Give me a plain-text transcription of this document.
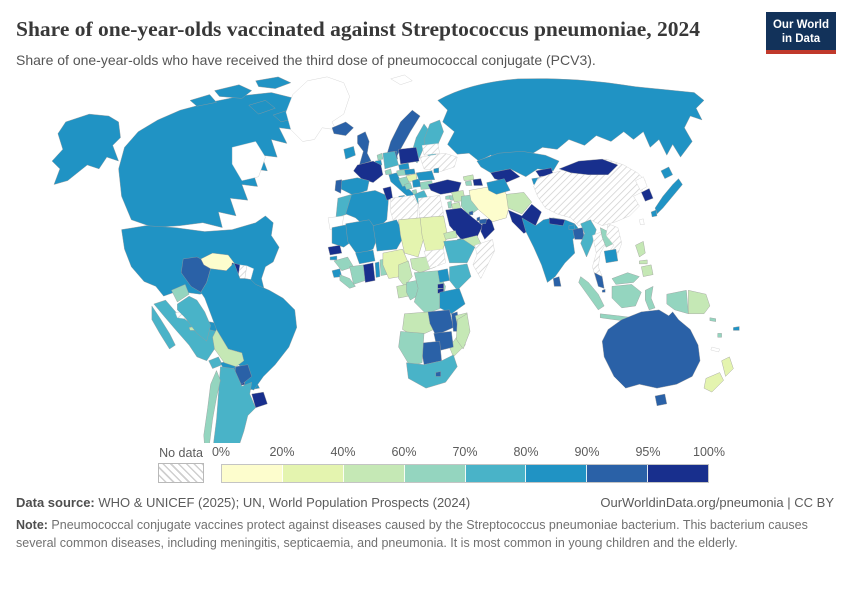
Share of one-year-olds vaccinated against Streptococcus pneumoniae, 2024
Share of one-year-olds who have received the third dose of pneumococcal conjugate (PCV3).
Our World
in Data
No data 0%	20%	40%	60%	70%	80%	90%	95%	100%
Data source: WHO & UNICEF (2025); UN, World Population Prospects (2024)	OurWorldinData.org/pneumonia | CC BY
Note: Pneumococcal conjugate vaccines protect against diseases caused by the Streptococcus pneumoniae bacterium. This bacterium causes several common diseases, including meningitis, septicaemia, and pneumonia. It is most common in young children and the elderly.
